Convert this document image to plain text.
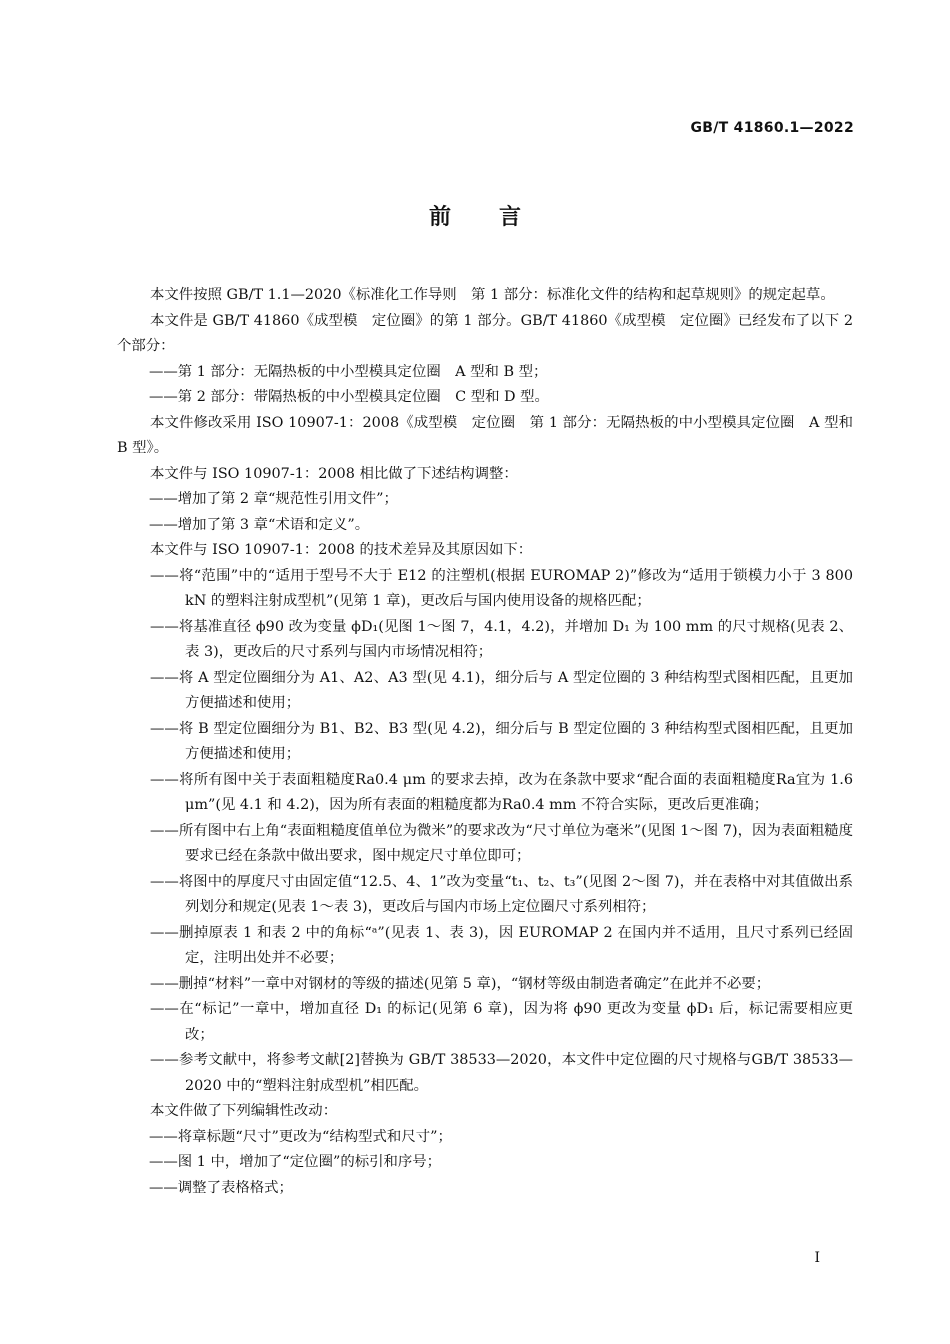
GB/T 41860.1—2022
前言

本文件按照 GB/T 1.1—2020《标准化工作导则　第 1 部分：标准化文件的结构和起草规则》的规定起草。

本文件是 GB/T 41860《成型模　定位圈》的第 1 部分。GB/T 41860《成型模　定位圈》已经发布了以下 2 个部分：

——第 1 部分：无隔热板的中小型模具定位圈　A 型和 B 型；

——第 2 部分：带隔热板的中小型模具定位圈　C 型和 D 型。

本文件修改采用 ISO 10907-1：2008《成型模　定位圈　第 1 部分：无隔热板的中小型模具定位圈　A 型和 B 型》。

本文件与 ISO 10907-1：2008 相比做了下述结构调整：

——增加了第 2 章“规范性引用文件”；

——增加了第 3 章“术语和定义”。

本文件与 ISO 10907-1：2008 的技术差异及其原因如下：

——将“范围”中的“适用于型号不大于 E12 的注塑机(根据 EUROMAP 2)”修改为“适用于锁模力小于 3 800 kN 的塑料注射成型机”(见第 1 章)，更改后与国内使用设备的规格匹配；

——将基准直径 ϕ90 改为变量 ϕD₁(见图 1～图 7，4.1，4.2)，并增加 D₁ 为 100 mm 的尺寸规格(见表 2、表 3)，更改后的尺寸系列与国内市场情况相符；

——将 A 型定位圈细分为 A1、A2、A3 型(见 4.1)，细分后与 A 型定位圈的 3 种结构型式图相匹配，且更加方便描述和使用；

——将 B 型定位圈细分为 B1、B2、B3 型(见 4.2)，细分后与 B 型定位圈的 3 种结构型式图相匹配，且更加方便描述和使用；

——将所有图中关于表面粗糙度Ra0.4 μm 的要求去掉，改为在条款中要求“配合面的表面粗糙度Ra宜为 1.6 μm”(见 4.1 和 4.2)，因为所有表面的粗糙度都为Ra0.4 mm 不符合实际，更改后更准确；

——所有图中右上角“表面粗糙度值单位为微米”的要求改为“尺寸单位为毫米”(见图 1～图 7)，因为表面粗糙度要求已经在条款中做出要求，图中规定尺寸单位即可；

——将图中的厚度尺寸由固定值“12.5、4、1”改为变量“t₁、t₂、t₃”(见图 2～图 7)，并在表格中对其值做出系列划分和规定(见表 1～表 3)，更改后与国内市场上定位圈尺寸系列相符；

——删掉原表 1 和表 2 中的角标“ᵃ”(见表 1、表 3)，因 EUROMAP 2 在国内并不适用，且尺寸系列已经固定，注明出处并不必要；

——删掉“材料”一章中对钢材的等级的描述(见第 5 章)，“钢材等级由制造者确定”在此并不必要；

——在“标记”一章中，增加直径 D₁ 的标记(见第 6 章)，因为将 ϕ90 更改为变量 ϕD₁ 后，标记需要相应更改；

——参考文献中，将参考文献[2]替换为 GB/T 38533—2020，本文件中定位圈的尺寸规格与GB/T 38533—2020 中的“塑料注射成型机”相匹配。

本文件做了下列编辑性改动：

——将章标题“尺寸”更改为“结构型式和尺寸”；

——图 1 中，增加了“定位圈”的标引和序号；

——调整了表格格式；

I
